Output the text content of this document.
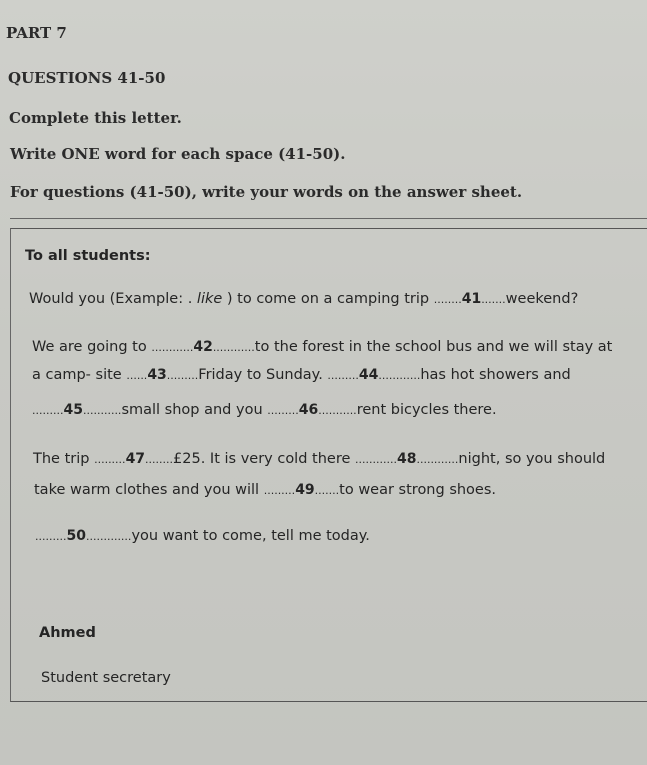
PART 7
QUESTIONS 41-50
Complete this letter.
Write ONE word for each space (41-50).
For questions (41-50), write your words on the answer sheet.
To all students:
Would you (Example: . like ) to come on a camping trip ........41.......weekend?
We are going to ............42............to the forest in the school bus and we will stay at
a camp- site ......43.........Friday to Sunday. .........44............has hot showers and
.........45...........small shop and you .........46...........rent bicycles there.
The trip .........47........£25. It is very cold there ............48............night, so you should
take warm clothes and you will .........49.......to wear strong shoes.
.........50.............you want to come, tell me today.
Ahmed
Student secretary
